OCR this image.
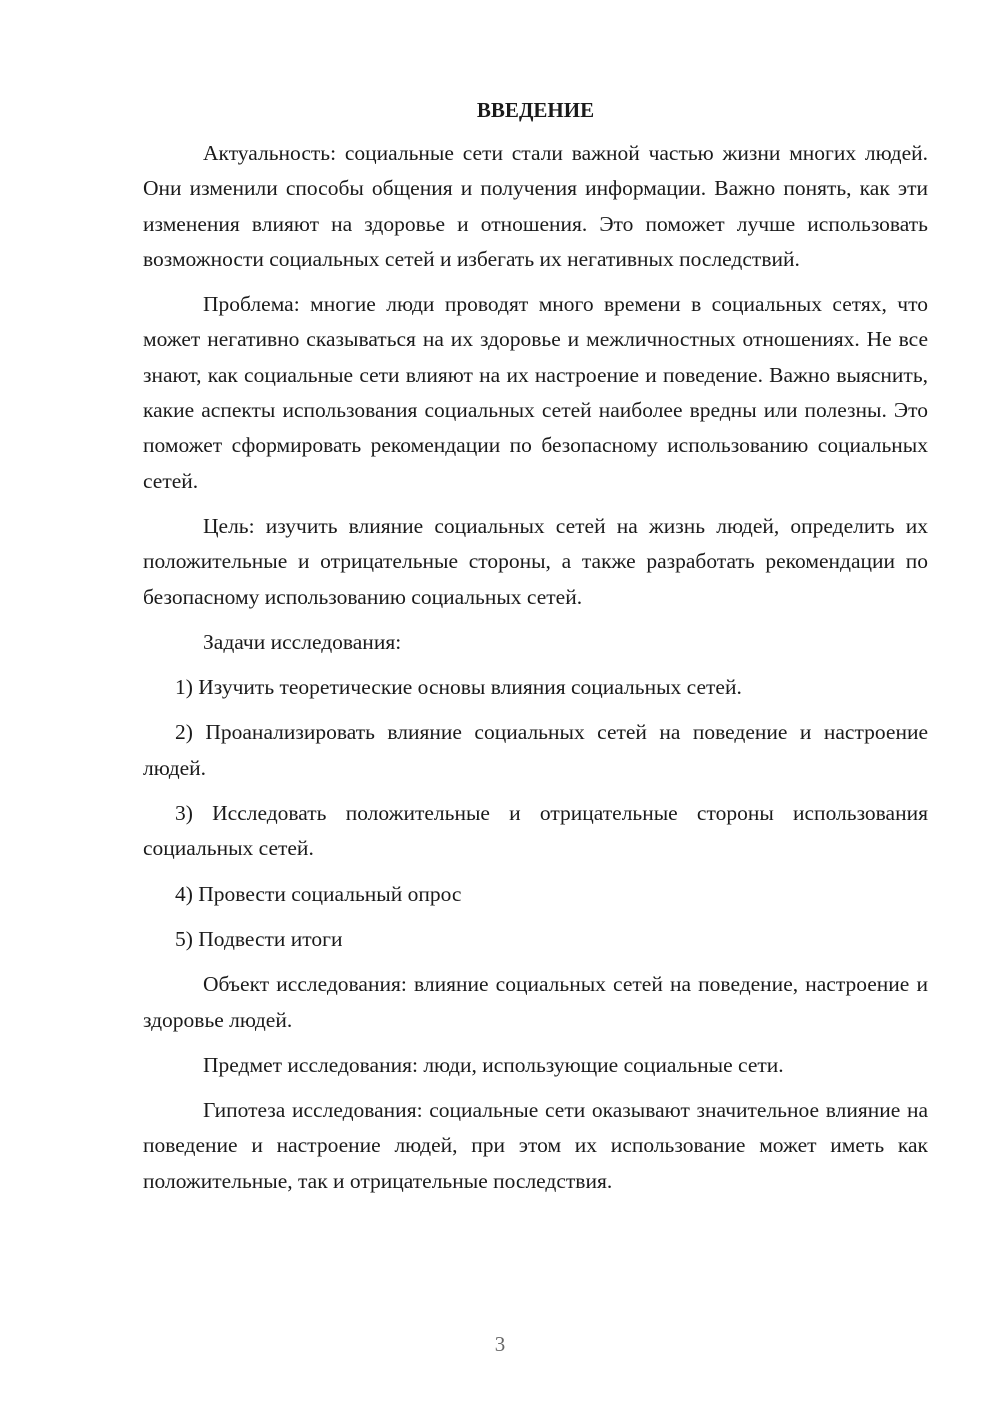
ВВЕДЕНИЕ

Актуальность: социальные сети стали важной частью жизни многих людей. Они изменили способы общения и получения информации. Важно понять, как эти изменения влияют на здоровье и отношения. Это поможет лучше использовать возможности социальных сетей и избегать их негативных последствий.

Проблема: многие люди проводят много времени в социальных сетях, что может негативно сказываться на их здоровье и межличностных отношениях. Не все знают, как социальные сети влияют на их настроение и поведение. Важно выяснить, какие аспекты использования социальных сетей наиболее вредны или полезны. Это поможет сформировать рекомендации по безопасному использованию социальных сетей.

Цель: изучить влияние социальных сетей на жизнь людей, определить их положительные и отрицательные стороны, а также разработать рекомендации по безопасному использованию социальных сетей.

Задачи исследования:

1) Изучить теоретические основы влияния социальных сетей.

2) Проанализировать влияние социальных сетей на поведение и настроение людей.

3) Исследовать положительные и отрицательные стороны использования социальных сетей.

4) Провести социальный опрос

5) Подвести итоги

Объект исследования: влияние социальных сетей на поведение, настроение и здоровье людей.

Предмет исследования: люди, использующие социальные сети.

Гипотеза исследования: социальные сети оказывают значительное влияние на поведение и настроение людей, при этом их использование может иметь как положительные, так и отрицательные последствия.

3
